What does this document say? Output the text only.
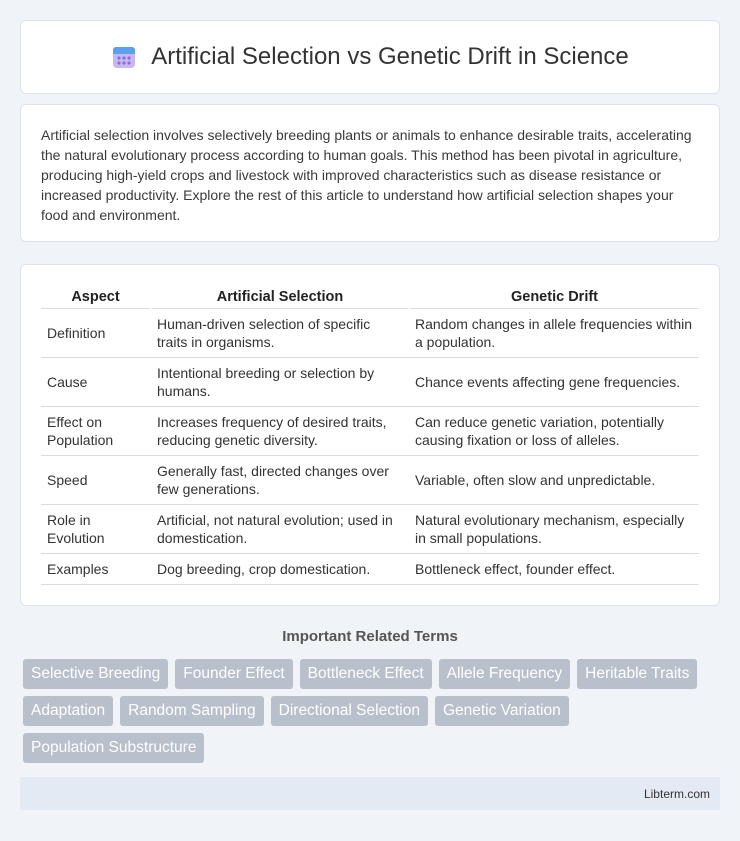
Artificial Selection vs Genetic Drift in Science

Artificial selection involves selectively breeding plants or animals to enhance desirable traits, accelerating the natural evolutionary process according to human goals. This method has been pivotal in agriculture, producing high-yield crops and livestock with improved characteristics such as disease resistance or increased productivity. Explore the rest of this article to understand how artificial selection shapes your food and environment.

Aspect	Artificial Selection	Genetic Drift
Definition	Human-driven selection of specific traits in organisms.	Random changes in allele frequencies within a population.
Cause	Intentional breeding or selection by humans.	Chance events affecting gene frequencies.
Effect on Population	Increases frequency of desired traits, reducing genetic diversity.	Can reduce genetic variation, potentially causing fixation or loss of alleles.
Speed	Generally fast, directed changes over few generations.	Variable, often slow and unpredictable.
Role in Evolution	Artificial, not natural evolution; used in domestication.	Natural evolutionary mechanism, especially in small populations.
Examples	Dog breeding, crop domestication.	Bottleneck effect, founder effect.
Important Related Terms
Selective Breeding	Founder Effect	Bottleneck Effect	Allele Frequency	Heritable Traits
Adaptation	Random Sampling	Directional Selection	Genetic Variation
Population Substructure
Libterm.com
